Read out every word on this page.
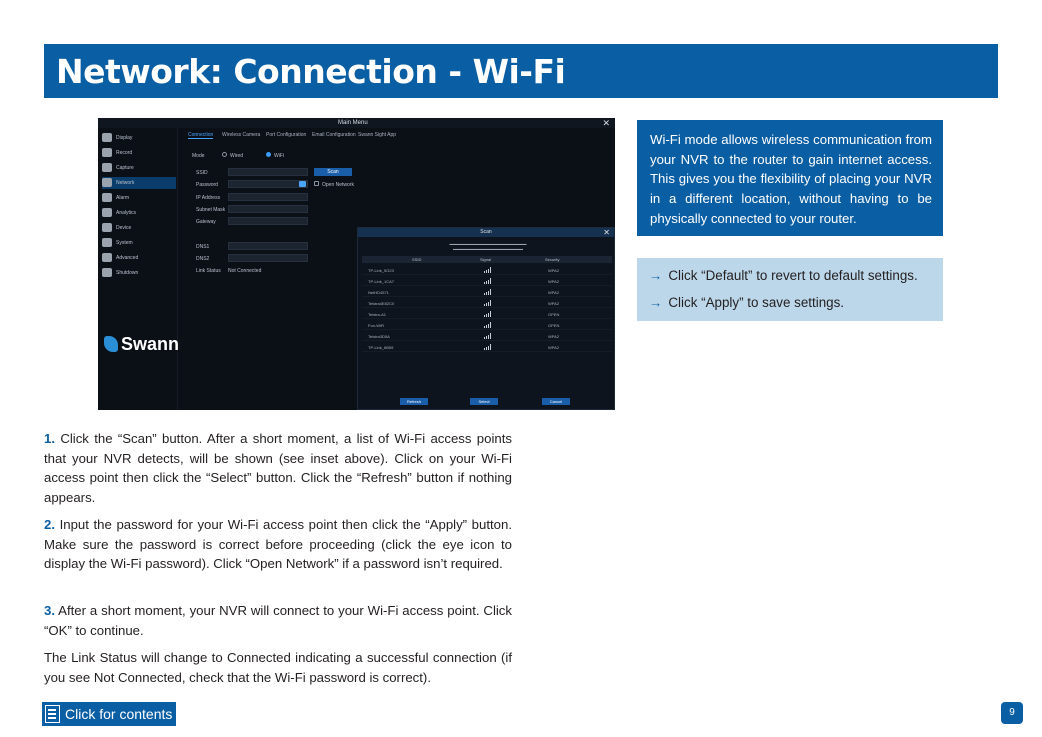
Network: Connection - Wi-Fi
Main Menu	✕
Display
Record
Capture
Network
Alarm
Analytics
Device
System
Advanced
Shutdown
Swann
Connection Wireless Camera Port Configuration Email Configuration Swann Sight App
Mode	Wired	WiFi
SSID	Scan
Password	Open Network
IP Address
Subnet Mask
Gateway
DNS1
DNS2
Link Status Not Connected
Scan	✕
▬▬▬▬▬▬▬▬▬▬▬▬▬▬▬▬▬▬▬▬▬▬
▬▬▬▬▬▬▬▬▬▬▬▬▬▬▬▬▬▬▬▬
SSID	Signal	Security
TP-Link_5G23	WPA2
TP-Link_1CA7	WPA2
NetHD4571	WPA2
Telstra4E82C0	WPA2
Telstra-A1	OPEN
Fon-WiFi	OPEN
Telstra3D5A	WPA2
TP-Link_6B59	WPA2
Refresh	Select	Cancel

Wi-Fi mode allows wireless communication from your NVR to the router to gain internet access. This gives you the flexibility of placing your NVR in a different location, without having to be physically connected to your router.

→ Click “Default” to revert to default settings.
→ Click “Apply” to save settings.
1. Click the “Scan” button. After a short moment, a list of Wi-Fi access points that your NVR detects, will be shown (see inset above). Click on your Wi-Fi access point then click the “Select” button. Click the “Refresh” button if nothing appears.
2. Input the password for your Wi-Fi access point then click the “Apply” button. Make sure the password is correct before proceeding (click the eye icon to display the Wi-Fi password). Click “Open Network” if a password isn’t required.
3. After a short moment, your NVR will connect to your Wi-Fi access point. Click “OK” to continue.
The Link Status will change to Connected indicating a successful connection (if you see Not Connected, check that the Wi-Fi password is correct).
Click for contents	9
